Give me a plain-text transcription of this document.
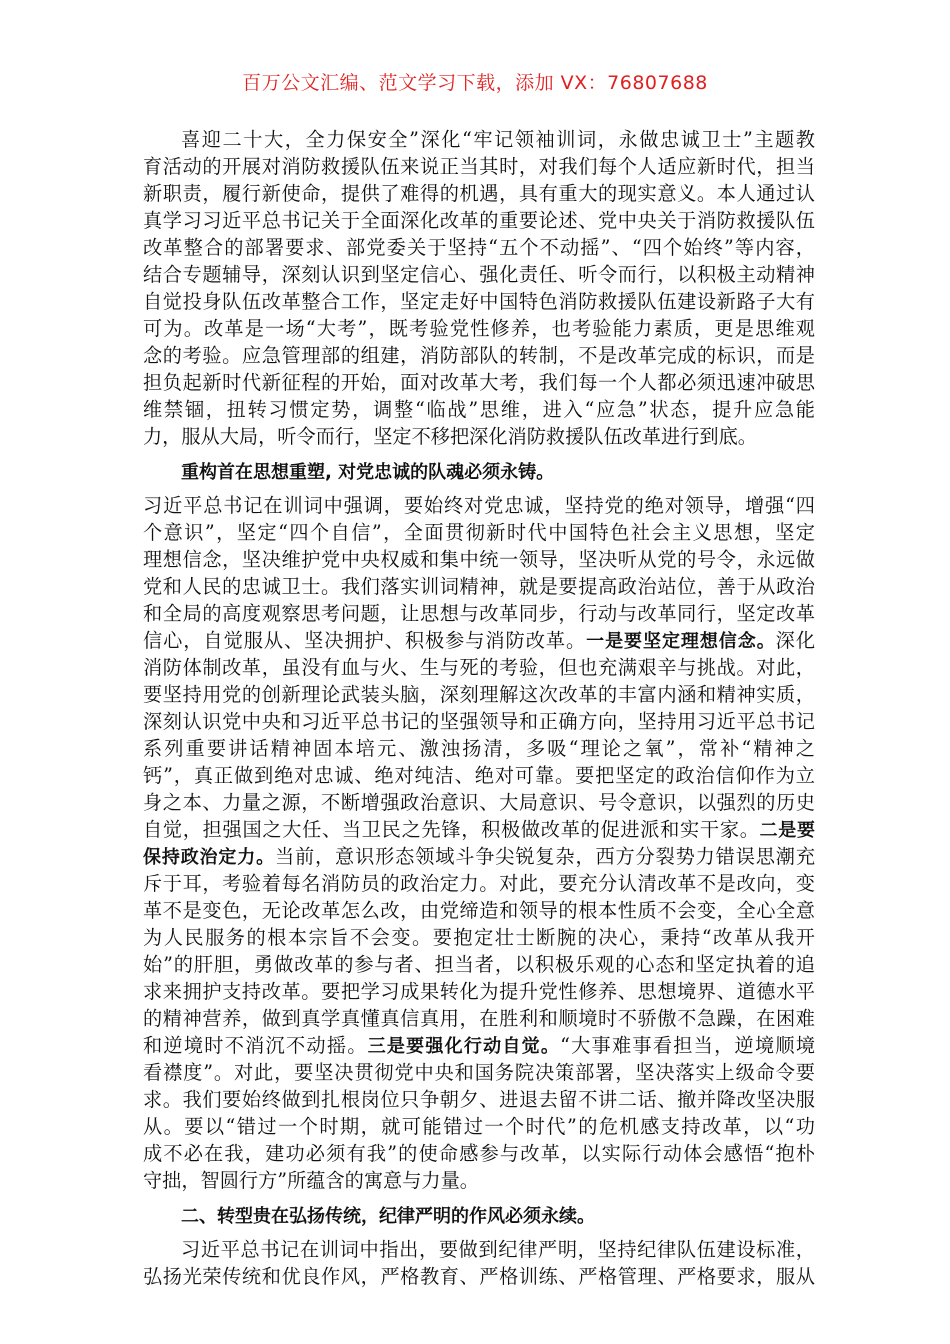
百万公文汇编、范文学习下载，添加 VX：76807688
喜迎二十大，全力保安全”深化“牢记领袖训词，永做忠诚卫士”主题教
育活动的开展对消防救援队伍来说正当其时，对我们每个人适应新时代，担当
新职责，履行新使命，提供了难得的机遇，具有重大的现实意义。本人通过认
真学习习近平总书记关于全面深化改革的重要论述、党中央关于消防救援队伍
改革整合的部署要求、部党委关于坚持“五个不动摇”、“四个始终”等内容，
结合专题辅导，深刻认识到坚定信心、强化责任、听令而行，以积极主动精神
自觉投身队伍改革整合工作，坚定走好中国特色消防救援队伍建设新路子大有
可为。改革是一场“大考”，既考验党性修养，也考验能力素质，更是思维观
念的考验。应急管理部的组建，消防部队的转制，不是改革完成的标识，而是
担负起新时代新征程的开始，面对改革大考，我们每一个人都必须迅速冲破思
维禁锢，扭转习惯定势，调整“临战”思维，进入“应急”状态，提升应急能
力，服从大局，听令而行，坚定不移把深化消防救援队伍改革进行到底。
重构首在思想重塑, 对党忠诚的队魂必须永铸。
习近平总书记在训词中强调，要始终对党忠诚，坚持党的绝对领导，增强“四
个意识”，坚定“四个自信”，全面贯彻新时代中国特色社会主义思想，坚定
理想信念，坚决维护党中央权威和集中统一领导，坚决听从党的号令，永远做
党和人民的忠诚卫士。我们落实训词精神，就是要提高政治站位，善于从政治
和全局的高度观察思考问题，让思想与改革同步，行动与改革同行，坚定改革
信心，自觉服从、坚决拥护、积极参与消防改革。一是要坚定理想信念。深化
消防体制改革，虽没有血与火、生与死的考验，但也充满艰辛与挑战。对此，
要坚持用党的创新理论武装头脑，深刻理解这次改革的丰富内涵和精神实质，
深刻认识党中央和习近平总书记的坚强领导和正确方向，坚持用习近平总书记
系列重要讲话精神固本培元、激浊扬清，多吸“理论之氧”，常补“精神之
钙”，真正做到绝对忠诚、绝对纯洁、绝对可靠。要把坚定的政治信仰作为立
身之本、力量之源，不断增强政治意识、大局意识、号令意识，以强烈的历史
自觉，担强国之大任、当卫民之先锋，积极做改革的促进派和实干家。二是要
保持政治定力。当前，意识形态领域斗争尖锐复杂，西方分裂势力错误思潮充
斥于耳，考验着每名消防员的政治定力。对此，要充分认清改革不是改向，变
革不是变色，无论改革怎么改，由党缔造和领导的根本性质不会变，全心全意
为人民服务的根本宗旨不会变。要抱定壮士断腕的决心，秉持“改革从我开
始”的肝胆，勇做改革的参与者、担当者，以积极乐观的心态和坚定执着的追
求来拥护支持改革。要把学习成果转化为提升党性修养、思想境界、道德水平
的精神营养，做到真学真懂真信真用，在胜利和顺境时不骄傲不急躁，在困难
和逆境时不消沉不动摇。三是要强化行动自觉。“大事难事看担当，逆境顺境
看襟度”。对此，要坚决贯彻党中央和国务院决策部署，坚决落实上级命令要
求。我们要始终做到扎根岗位只争朝夕、进退去留不讲二话、撤并降改坚决服
从。要以“错过一个时期，就可能错过一个时代”的危机感支持改革，以“功
成不必在我，建功必须有我”的使命感参与改革，以实际行动体会感悟“抱朴
守拙，智圆行方”所蕴含的寓意与力量。
二、转型贵在弘扬传统，纪律严明的作风必须永续。
习近平总书记在训词中指出，要做到纪律严明，坚持纪律队伍建设标准，
弘扬光荣传统和优良作风，严格教育、严格训练、严格管理、严格要求，服从
